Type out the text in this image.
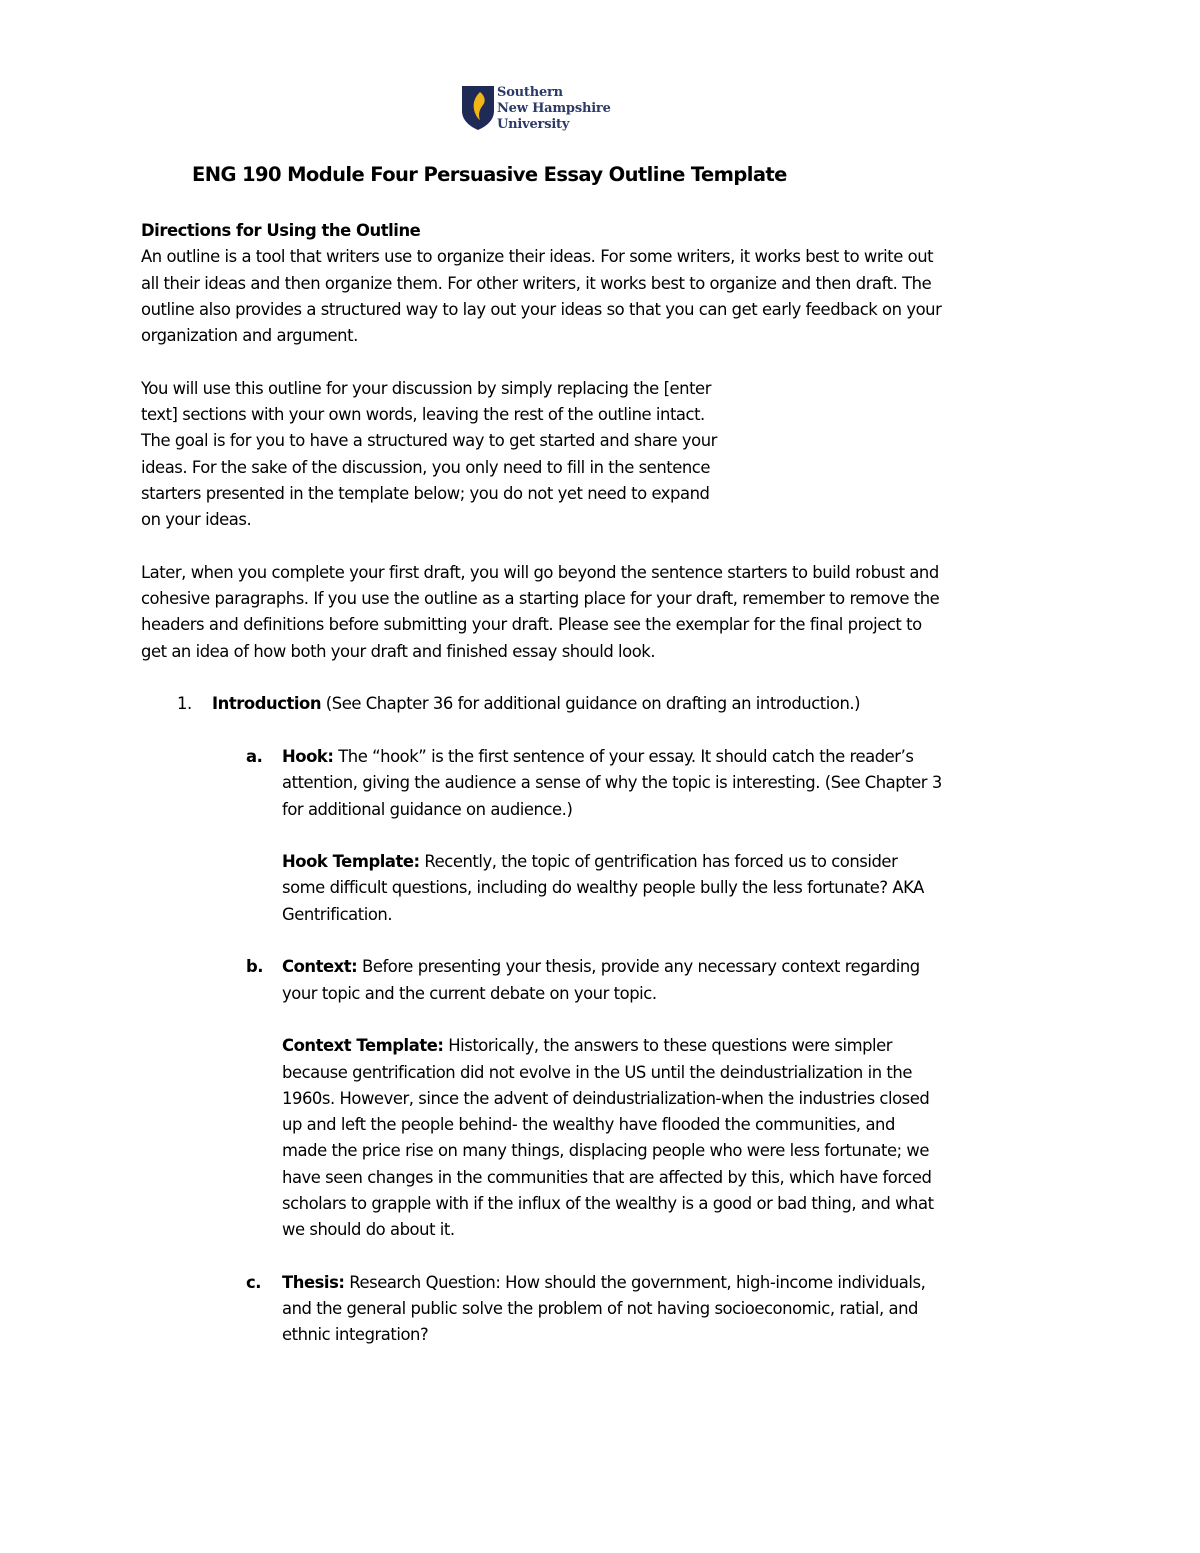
Southern
New Hampshire
University
ENG 190 Module Four Persuasive Essay Outline Template

Directions for Using the Outline

An outline is a tool that writers use to organize their ideas. For some writers, it works best to write out all their ideas and then organize them. For other writers, it works best to organize and then draft. The outline also provides a structured way to lay out your ideas so that you can get early feedback on your organization and argument.

You will use this outline for your discussion by simply replacing the [enter text] sections with your own words, leaving the rest of the outline intact. The goal is for you to have a structured way to get started and share your ideas. For the sake of the discussion, you only need to fill in the sentence starters presented in the template below; you do not yet need to expand on your ideas.

Later, when you complete your first draft, you will go beyond the sentence starters to build robust and cohesive paragraphs. If you use the outline as a starting place for your draft, remember to remove the headers and definitions before submitting your draft. Please see the exemplar for the final project to get an idea of how both your draft and finished essay should look.

1. Introduction (See Chapter 36 for additional guidance on drafting an introduction.)
a. Hook: The “hook” is the first sentence of your essay. It should catch the reader’s attention, giving the audience a sense of why the topic is interesting. (See Chapter 3 for additional guidance on audience.)
Hook Template: Recently, the topic of gentrification has forced us to consider some difficult questions, including do wealthy people bully the less fortunate? AKA Gentrification.
b. Context: Before presenting your thesis, provide any necessary context regarding your topic and the current debate on your topic.
Context Template: Historically, the answers to these questions were simpler because gentrification did not evolve in the US until the deindustrialization in the 1960s. However, since the advent of deindustrialization-when the industries closed up and left the people behind- the wealthy have flooded the communities, and made the price rise on many things, displacing people who were less fortunate; we have seen changes in the communities that are affected by this, which have forced scholars to grapple with if the influx of the wealthy is a good or bad thing, and what we should do about it.
c. Thesis: Research Question: How should the government, high-income individuals, and the general public solve the problem of not having socioeconomic, ratial, and ethnic integration?
